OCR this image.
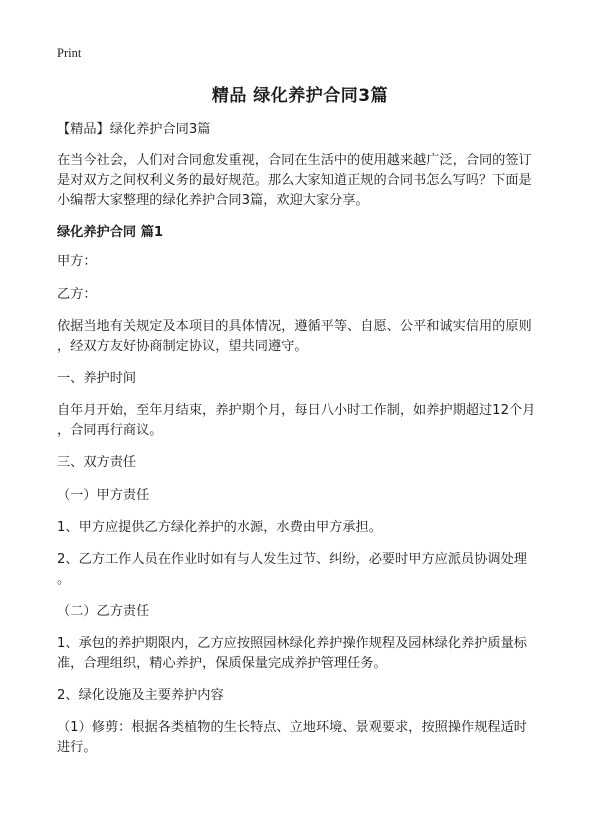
Print
精品 绿化养护合同3篇

【精品】绿化养护合同3篇

在当今社会，人们对合同愈发重视，合同在生活中的使用越来越广泛，合同的签订

是对双方之间权利义务的最好规范。那么大家知道正规的合同书怎么写吗？下面是

小编帮大家整理的绿化养护合同3篇，欢迎大家分享。

绿化养护合同 篇1

甲方：

乙方：

依据当地有关规定及本项目的具体情况，遵循平等、自愿、公平和诚实信用的原则

，经双方友好协商制定协议，望共同遵守。

一、养护时间

自年月开始，至年月结束，养护期个月，每日八小时工作制，如养护期超过12个月

，合同再行商议。

三、双方责任

（一）甲方责任

1、甲方应提供乙方绿化养护的水源，水费由甲方承担。

2、乙方工作人员在作业时如有与人发生过节、纠纷，必要时甲方应派员协调处理

。

（二）乙方责任

1、承包的养护期限内，乙方应按照园林绿化养护操作规程及园林绿化养护质量标

准，合理组织，精心养护，保质保量完成养护管理任务。

2、绿化设施及主要养护内容

（1）修剪：根据各类植物的生长特点、立地环境、景观要求，按照操作规程适时

进行。
